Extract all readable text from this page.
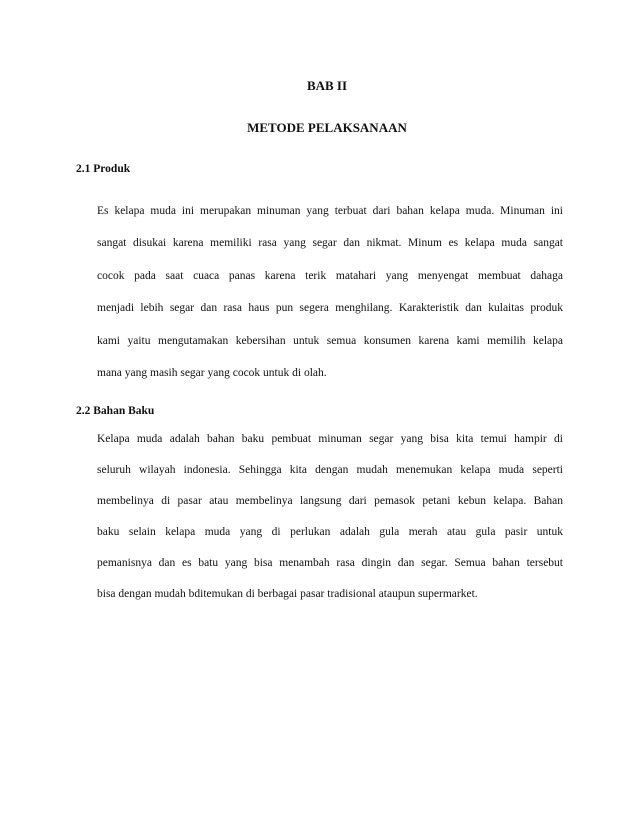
BAB II
METODE PELAKSANAAN
2.1 Produk
Es kelapa muda ini merupakan minuman yang terbuat dari bahan kelapa muda. Minuman ini
sangat disukai karena memiliki rasa yang segar dan nikmat. Minum es kelapa muda sangat
cocok pada saat cuaca panas karena terik matahari yang menyengat membuat dahaga
menjadi lebih segar dan rasa haus pun segera menghilang. Karakteristik dan kulaitas produk
kami yaitu mengutamakan kebersihan untuk semua konsumen karena kami memilih kelapa
mana yang masih segar yang cocok untuk di olah.
2.2 Bahan Baku
Kelapa muda adalah bahan baku pembuat minuman segar yang bisa kita temui hampir di
seluruh wilayah indonesia. Sehingga kita dengan mudah menemukan kelapa muda seperti
membelinya di pasar atau membelinya langsung dari pemasok petani kebun kelapa. Bahan
baku selain kelapa muda yang di perlukan adalah gula merah atau gula pasir untuk
pemanisnya dan es batu yang bisa menambah rasa dingin dan segar. Semua bahan tersebut
bisa dengan mudah bditemukan di berbagai pasar tradisional ataupun supermarket.
